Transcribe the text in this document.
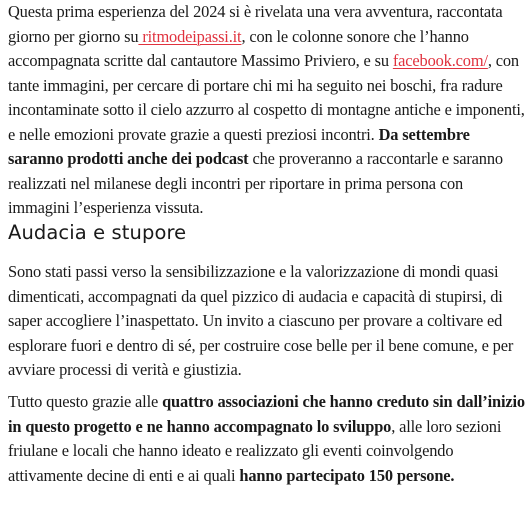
Questa prima esperienza del 2024 si è rivelata una vera avventura, raccontata giorno per giorno su ritmodeipassi.it, con le colonne sonore che l’hanno accompagnata scritte dal cantautore Massimo Priviero, e su facebook.com/, con tante immagini, per cercare di portare chi mi ha seguito nei boschi, fra radure incontaminate sotto il cielo azzurro al cospetto di montagne antiche e imponenti, e nelle emozioni provate grazie a questi preziosi incontri. Da settembre saranno prodotti anche dei podcast che proveranno a raccontarle e saranno realizzati nel milanese degli incontri per riportare in prima persona con immagini l’esperienza vissuta.

Audacia e stupore

Sono stati passi verso la sensibilizzazione e la valorizzazione di mondi quasi dimenticati, accompagnati da quel pizzico di audacia e capacità di stupirsi, di saper accogliere l’inaspettato. Un invito a ciascuno per provare a coltivare ed esplorare fuori e dentro di sé, per costruire cose belle per il bene comune, e per avviare processi di verità e giustizia.

Tutto questo grazie alle quattro associazioni che hanno creduto sin dall’inizio in questo progetto e ne hanno accompagnato lo sviluppo, alle loro sezioni friulane e locali che hanno ideato e realizzato gli eventi coinvolgendo attivamente decine di enti e ai quali hanno partecipato 150 persone.
